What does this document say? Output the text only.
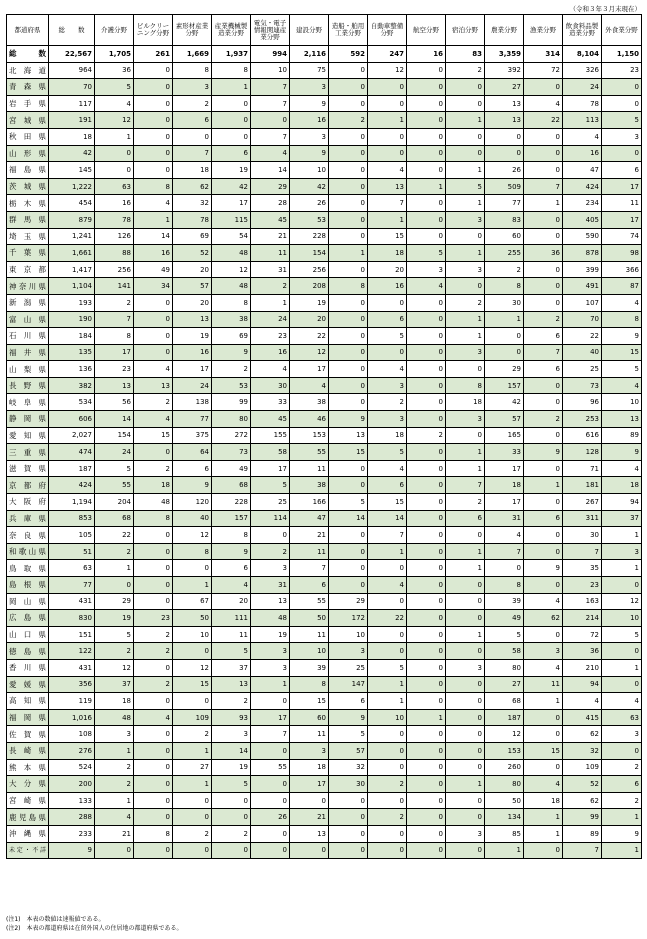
（令和３年３月末現在）
都道府県	総　　数	介護分野	ビルクリーニング分野	素形材産業分野	産業機械製造業分野	電気・電子情報関連産業分野	建設分野	造船・舶用工業分野	自動車整備分野	航空分野	宿泊分野	農業分野	漁業分野	飲食料品製造業分野	外食業分野
総　　数	22,567	1,705	261	1,669	1,937	994	2,116	592	247	16	83	3,359	314	8,104	1,150
北海道	964	36	0	8	8	10	75	0	12	0	2	392	72	326	23
青森県	70	5	0	3	1	7	3	0	0	0	0	27	0	24	0
岩手県	117	4	0	2	0	7	9	0	0	0	0	13	4	78	0
宮城県	191	12	0	6	0	0	16	2	1	0	1	13	22	113	5
秋田県	18	1	0	0	0	7	3	0	0	0	0	0	0	4	3
山形県	42	0	0	7	6	4	9	0	0	0	0	0	0	16	0
福島県	145	0	0	18	19	14	10	0	4	0	1	26	0	47	6
茨城県	1,222	63	8	62	42	29	42	0	13	1	5	509	7	424	17
栃木県	454	16	4	32	17	28	26	0	7	0	1	77	1	234	11
群馬県	879	78	1	78	115	45	53	0	1	0	3	83	0	405	17
埼玉県	1,241	126	14	69	54	21	228	0	15	0	0	60	0	590	74
千葉県	1,661	88	16	52	48	11	154	1	18	5	1	255	36	878	98
東京都	1,417	256	49	20	12	31	256	0	20	3	3	2	0	399	366
神奈川県	1,104	141	34	57	48	2	208	8	16	4	0	8	0	491	87
新潟県	193	2	0	20	8	1	19	0	0	0	2	30	0	107	4
富山県	190	7	0	13	38	24	20	0	6	0	1	1	2	70	8
石川県	184	8	0	19	69	23	22	0	5	0	1	0	6	22	9
福井県	135	17	0	16	9	16	12	0	0	0	3	0	7	40	15
山梨県	136	23	4	17	2	4	17	0	4	0	0	29	6	25	5
長野県	382	13	13	24	53	30	4	0	3	0	8	157	0	73	4
岐阜県	534	56	2	138	99	33	38	0	2	0	18	42	0	96	10
静岡県	606	14	4	77	80	45	46	9	3	0	3	57	2	253	13
愛知県	2,027	154	15	375	272	155	153	13	18	2	0	165	0	616	89
三重県	474	24	0	64	73	58	55	15	5	0	1	33	9	128	9
滋賀県	187	5	2	6	49	17	11	0	4	0	1	17	0	71	4
京都府	424	55	18	9	68	5	38	0	6	0	7	18	1	181	18
大阪府	1,194	204	48	120	228	25	166	5	15	0	2	17	0	267	94
兵庫県	853	68	8	40	157	114	47	14	14	0	6	31	6	311	37
奈良県	105	22	0	12	8	0	21	0	7	0	0	4	0	30	1
和歌山県	51	2	0	8	9	2	11	0	1	0	1	7	0	7	3
鳥取県	63	1	0	0	6	3	7	0	0	0	1	0	9	35	1
島根県	77	0	0	1	4	31	6	0	4	0	0	8	0	23	0
岡山県	431	29	0	67	20	13	55	29	0	0	0	39	4	163	12
広島県	830	19	23	50	111	48	50	172	22	0	0	49	62	214	10
山口県	151	5	2	10	11	19	11	10	0	0	1	5	0	72	5
徳島県	122	2	2	0	5	3	10	3	0	0	0	58	3	36	0
香川県	431	12	0	12	37	3	39	25	5	0	3	80	4	210	1
愛媛県	356	37	2	15	13	1	8	147	1	0	0	27	11	94	0
高知県	119	18	0	0	2	0	15	6	1	0	0	68	1	4	4
福岡県	1,016	48	4	109	93	17	60	9	10	1	0	187	0	415	63
佐賀県	108	3	0	2	3	7	11	5	0	0	0	12	0	62	3
長崎県	276	1	0	1	14	0	3	57	0	0	0	153	15	32	0
熊本県	524	2	0	27	19	55	18	32	0	0	0	260	0	109	2
大分県	200	2	0	1	5	0	17	30	2	0	1	80	4	52	6
宮崎県	133	1	0	0	0	0	0	0	0	0	0	50	18	62	2
鹿児島県	288	4	0	0	0	26	21	0	2	0	0	134	1	99	1
沖縄県	233	21	8	2	2	0	13	0	0	0	3	85	1	89	9
未定・不詳	9	0	0	0	0	0	0	0	0	0	0	1	0	7	1
(注1)　本表の数値は速報値である。
(注2)　本表の都道府県は在留外国人の住居地の都道府県である。
